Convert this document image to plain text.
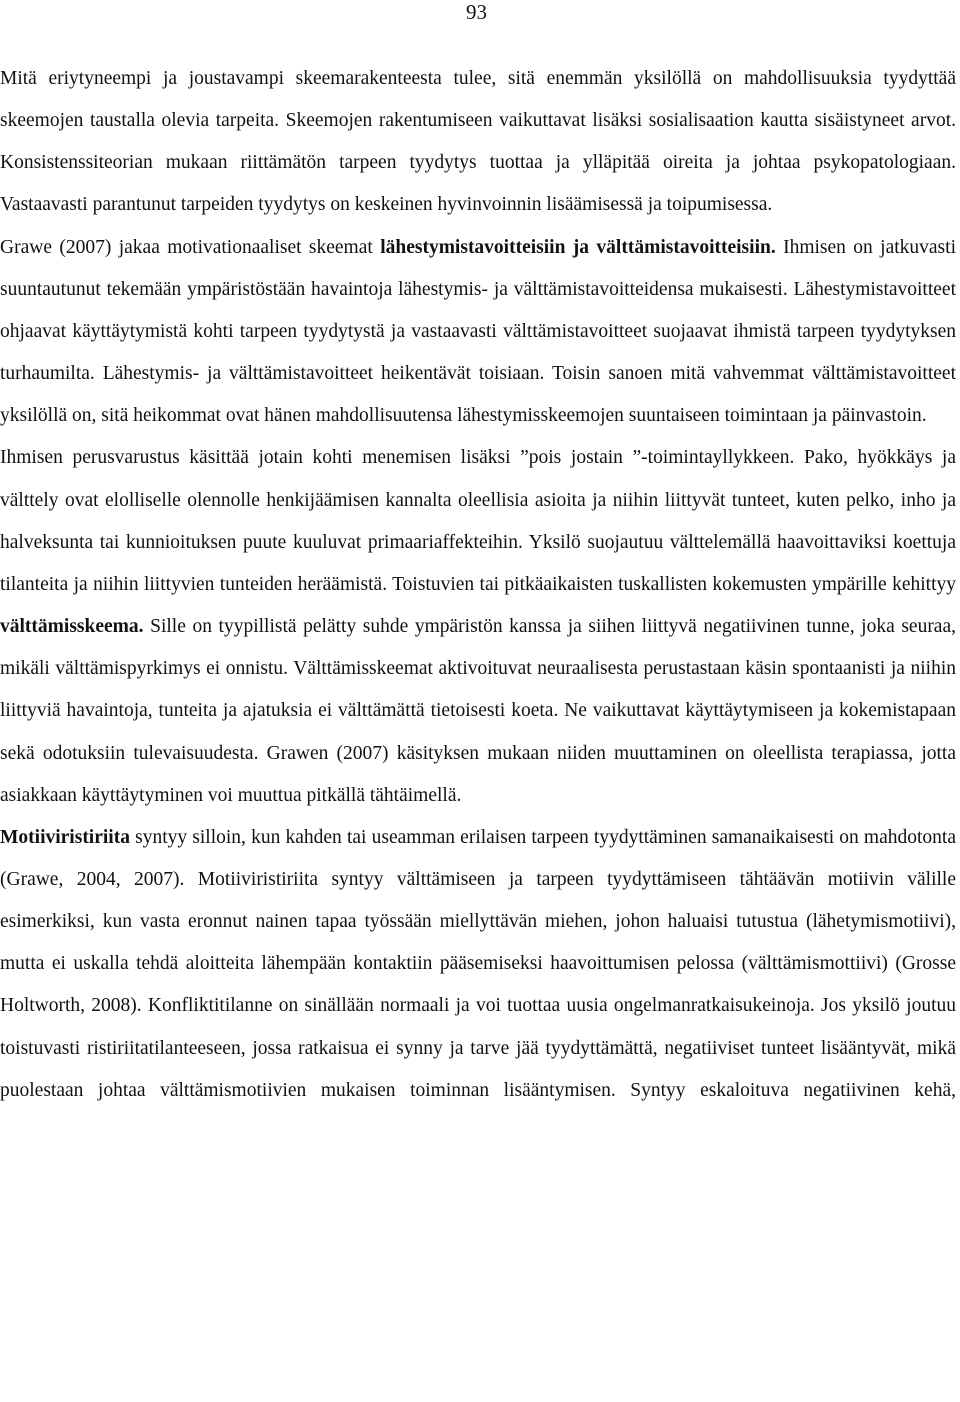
93

Mitä eriytyneempi ja joustavampi skeemarakenteesta tulee, sitä enemmän yksilöllä on mahdollisuuksia tyydyttää skeemojen taustalla olevia tarpeita. Skeemojen rakentumiseen vaikuttavat lisäksi sosialisaation kautta sisäistyneet arvot. Konsistenssiteorian mukaan riittämätön tarpeen tyydytys tuottaa ja ylläpitää oireita ja johtaa psykopatologiaan. Vastaavasti parantunut tarpeiden tyydytys on keskeinen hyvinvoinnin lisäämisessä ja toipumisessa.

Grawe (2007) jakaa motivationaaliset skeemat lähestymistavoitteisiin ja välttämistavoitteisiin. Ihmisen on jatkuvasti suuntautunut tekemään ympäristöstään havaintoja lähestymis- ja välttämistavoitteidensa mukaisesti. Lähestymistavoitteet ohjaavat käyttäytymistä kohti tarpeen tyydytystä ja vastaavasti välttämistavoitteet suojaavat ihmistä tarpeen tyydytyksen turhaumilta. Lähestymis- ja välttämistavoitteet heikentävät toisiaan. Toisin sanoen mitä vahvemmat välttämistavoitteet yksilöllä on, sitä heikommat ovat hänen mahdollisuutensa lähestymisskeemojen suuntaiseen toimintaan ja päinvastoin.

Ihmisen perusvarustus käsittää jotain kohti menemisen lisäksi ”pois jostain ”-toimintayllykkeen. Pako, hyökkäys ja välttely ovat elolliselle olennolle henkijäämisen kannalta oleellisia asioita ja niihin liittyvät tunteet, kuten pelko, inho ja halveksunta tai kunnioituksen puute kuuluvat primaariaffekteihin. Yksilö suojautuu välttelemällä haavoittaviksi koettuja tilanteita ja niihin liittyvien tunteiden heräämistä. Toistuvien tai pitkäaikaisten tuskallisten kokemusten ympärille kehittyy välttämisskeema. Sille on tyypillistä pelätty suhde ympäristön kanssa ja siihen liittyvä negatiivinen tunne, joka seuraa, mikäli välttämispyrkimys ei onnistu. Välttämisskeemat aktivoituvat neuraalisesta perustastaan käsin spontaanisti ja niihin liittyviä havaintoja, tunteita ja ajatuksia ei välttämättä tietoisesti koeta. Ne vaikuttavat käyttäytymiseen ja kokemistapaan sekä odotuksiin tulevaisuudesta. Grawen (2007) käsityksen mukaan niiden muuttaminen on oleellista terapiassa, jotta asiakkaan käyttäytyminen voi muuttua pitkällä tähtäimellä.

Motiiviristiriita syntyy silloin, kun kahden tai useamman erilaisen tarpeen tyydyttäminen samanaikaisesti on mahdotonta (Grawe, 2004, 2007). Motiiviristiriita syntyy välttämiseen ja tarpeen tyydyttämiseen tähtäävän motiivin välille esimerkiksi, kun vasta eronnut nainen tapaa työssään miellyttävän miehen, johon haluaisi tutustua (lähetymismotiivi), mutta ei uskalla tehdä aloitteita lähempään kontaktiin pääsemiseksi haavoittumisen pelossa (välttämismottiivi) (Grosse Holtworth, 2008). Konfliktitilanne on sinällään normaali ja voi tuottaa uusia ongelmanratkaisukeinoja. Jos yksilö joutuu toistuvasti ristiriitatilanteeseen, jossa ratkaisua ei synny ja tarve jää tyydyttämättä, negatiiviset tunteet lisääntyvät, mikä puolestaan johtaa välttämismotiivien mukaisen toiminnan lisääntymisen. Syntyy eskaloituva negatiivinen kehä,
